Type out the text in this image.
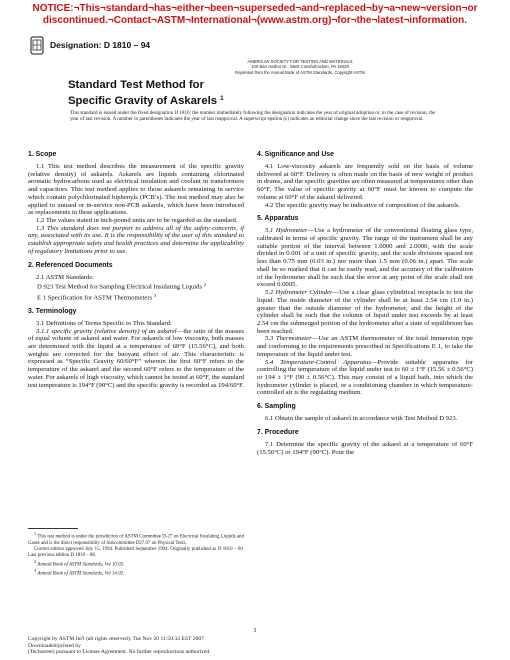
NOTICE:¬This¬standard¬has¬either¬been¬superseded¬and¬replaced¬by¬a¬new¬version¬or
discontinued.¬Contact¬ASTM¬International¬(www.astm.org)¬for¬the¬latest¬information.
Designation: D 1810 – 94
AMERICAN SOCIETY FOR TESTING AND MATERIALS
100 Barr Harbor Dr., West Conshohocken, PA 19428
Reprinted from the Annual Book of ASTM Standards. Copyright ASTM
Standard Test Method for
Specific Gravity of Askarels $^1$
This standard is issued under the fixed designation D 1810; the number immediately following the designation indicates the year of original adoption or, in the case of revision, the year of last revision. A number in parentheses indicates the year of last reapproval. A superscript epsilon (ε) indicates an editorial change since the last revision or reapproval.
1. Scope

1.1 This test method describes the measurement of the specific gravity (relative density) of askarels. Askarels are liquids containing chlorinated aromatic hydrocarbons used as electrical insulation and coolant in transformers and capacitors. This test method applies to those askarels remaining in service which contain polychlorinated biphenyls (PCB’s). The test method may also be applied to unused or in-service non-PCB askarels, which have been introduced as replacements in these applications.

1.2 The values stated in inch-pound units are to be regarded as the standard.

1.3 This standard does not purport to address all of the safety concerns, if any, associated with its use. It is the responsibility of the user of this standard to establish appropriate safety and health practices and determine the applicability of regulatory limitations prior to use.

2. Referenced Documents

2.1 ASTM Standards:

D 923 Test Method for Sampling Electrical Insulating Liquids $^2$

E 1 Specification for ASTM Thermometers $^3$

3. Terminology

3.1 Definitions of Terms Specific to This Standard:

3.1.1 specific gravity (relative density) of an askarel—the ratio of the masses of equal volume of askarel and water. For askarels of low viscosity, both masses are determined with the liquid at a temperature of 60°F (15.56°C), and both weights are corrected for the buoyant effect of air. This characteristic is expressed as “Specific Gravity 60/60°F” wherein the first 60°F refers to the temperature of the askarel and the second 60°F refers to the temperature of the water. For askarels of high viscosity, which cannot be tested at 60°F, the standard test temperature is 194°F (90°C) and the specific gravity is recorded as 194/60°F.

$^1$ This test method is under the jurisdiction of ASTM Committee D-27 on Electrical Insulating Liquids and Gases and is the direct responsibility of Subcommittee D27.07 on Physical Tests.

Current edition approved July 15, 1994. Published September 1994. Originally published as D 1810 – 60. Last previous edition D 1810 – 88.

$^2$ Annual Book of ASTM Standards, Vol 10.03.

$^3$ Annual Book of ASTM Standards, Vol 14.03.

4. Significance and Use

4.1 Low-viscosity askarels are frequently sold on the basis of volume delivered at 60°F. Delivery is often made on the basis of new weight of product in drums, and the specific gravities are often measured at temperatures other than 60°F. The value of specific gravity at 60°F must be known to compute the volume at 60°F of the askarel delivered.

4.2 The specific gravity may be indicative of composition of the askarels.

5. Apparatus

5.1 Hydrometer—Use a hydrometer of the conventional floating glass type, calibrated in terms of specific gravity. The range of the instrument shall be any suitable portion of the interval between 1.0000 and 2.0000, with the scale divided in 0.001 of a unit of specific gravity, and the scale divisions spaced not less than 0.75 mm (0.03 in.) nor more than 1.5 mm (0.06 in.) apart. The scale shall be so marked that it can be easily read, and the accuracy of the calibration of the hydrometer shall be such that the error at any point of the scale shall not exceed 0.0005.

5.2 Hydrometer Cylinder—Use a clear glass cylindrical receptacle to test the liquid. The inside diameter of the cylinder shall be at least 2.54 cm (1.0 in.) greater than the outside diameter of the hydrometer, and the height of the cylinder shall be such that the column of liquid under test exceeds by at least 2.54 cm the submerged portion of the hydrometer after a state of equilibrium has been reached.

5.3 Thermometer—Use an ASTM thermometer of the total immersion type and conforming to the requirements prescribed in Specifications E 1, to take the temperature of the liquid under test.

5.4 Temperature-Control Apparatus—Provide suitable apparatus for controlling the temperature of the liquid under test to 60 ± 1°F (15.56 ± 0.56°C) or 194 ± 1°F (90 ± 0.56°C). This may consist of a liquid bath, into which the hydrometer cylinder is placed, or a conditioning chamber in which temperature-controlled air is the regulating medium.

6. Sampling

6.1 Obtain the sample of askarel in accordance with Test Method D 923.

7. Procedure

7.1 Determine the specific gravity of the askarel at a temperature of 60°F (15.56°C) or 194°F (90°C). Pour the

1
Copyright by ASTM Int'l (all rights reserved); Tue Nov 20 11:50:32 EST 2007
Downloaded/printed by
(Techstreet) pursuant to License Agreement. No further reproductions authorized.
